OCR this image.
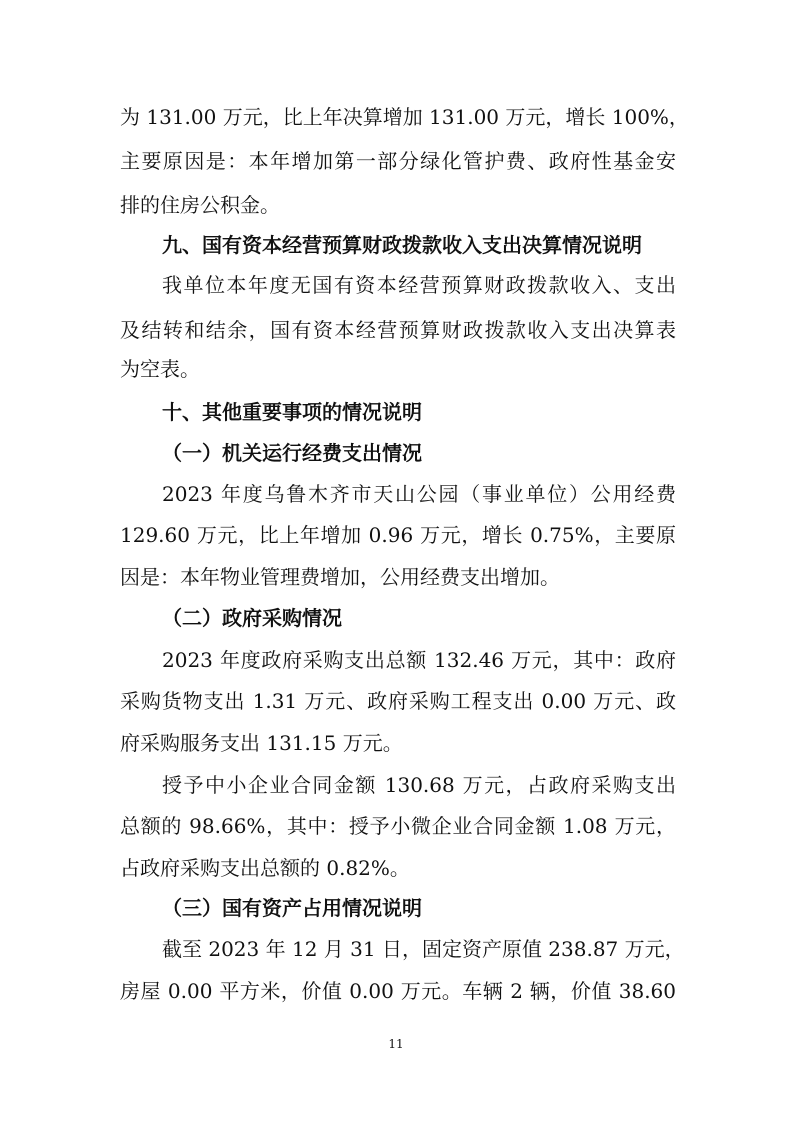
为 131.00 万元，比上年决算增加 131.00 万元，增长 100%，
主要原因是：本年增加第一部分绿化管护费、政府性基金安
排的住房公积金。
九、国有资本经营预算财政拨款收入支出决算情况说明
我单位本年度无国有资本经营预算财政拨款收入、支出
及结转和结余，国有资本经营预算财政拨款收入支出决算表
为空表。
十、其他重要事项的情况说明
（一）机关运行经费支出情况
2023 年度乌鲁木齐市天山公园（事业单位）公用经费
129.60 万元，比上年增加 0.96 万元，增长 0.75%，主要原
因是：本年物业管理费增加，公用经费支出增加。
（二）政府采购情况
2023 年度政府采购支出总额 132.46 万元，其中：政府
采购货物支出 1.31 万元、政府采购工程支出 0.00 万元、政
府采购服务支出 131.15 万元。
授予中小企业合同金额 130.68 万元，占政府采购支出
总额的 98.66%，其中：授予小微企业合同金额 1.08 万元，
占政府采购支出总额的 0.82%。
（三）国有资产占用情况说明
截至 2023 年 12 月 31 日，固定资产原值 238.87 万元，
房屋 0.00 平方米，价值 0.00 万元。车辆 2 辆，价值 38.60
11
